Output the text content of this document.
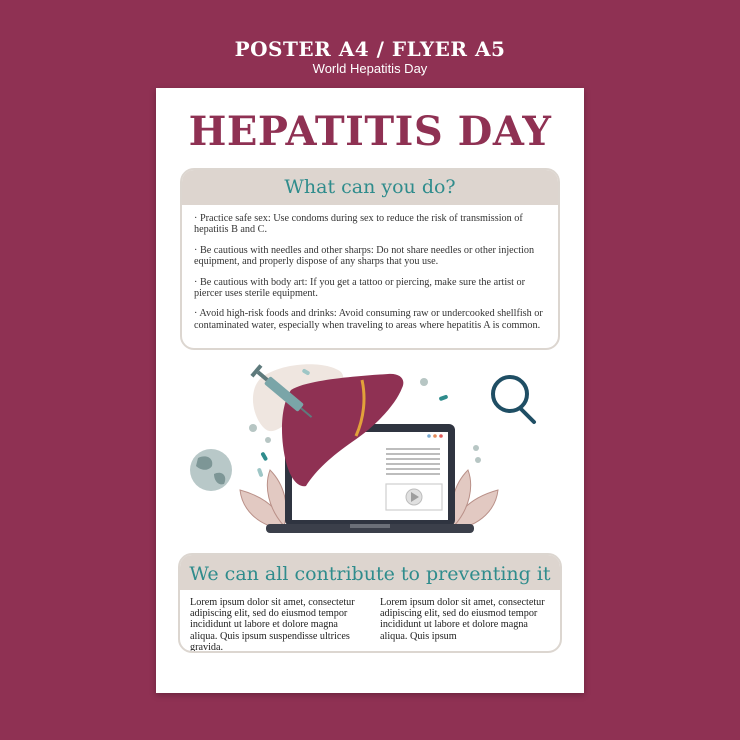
POSTER A4 / FLYER A5
World Hepatitis Day
HEPATITIS DAY
What can you do?

· Practice safe sex: Use condoms during sex to reduce the risk of transmission of hepatitis B and C.

· Be cautious with needles and other sharps: Do not share needles or other injection equipment, and properly dispose of any sharps that you use.

· Be cautious with body art: If you get a tattoo or piercing, make sure the artist or piercer uses sterile equipment.

· Avoid high-risk foods and drinks: Avoid consuming raw or undercooked shellfish or contaminated water, especially when traveling to areas where hepatitis A is common.

We can all contribute to preventing it
Lorem ipsum dolor sit amet, consectetur adipiscing elit, sed do eiusmod tempor incididunt ut labore et dolore magna aliqua. Quis ipsum suspendisse ultrices gravida.
Lorem ipsum dolor sit amet, consectetur adipiscing elit, sed do eiusmod tempor incididunt ut labore et dolore magna aliqua. Quis ipsum
